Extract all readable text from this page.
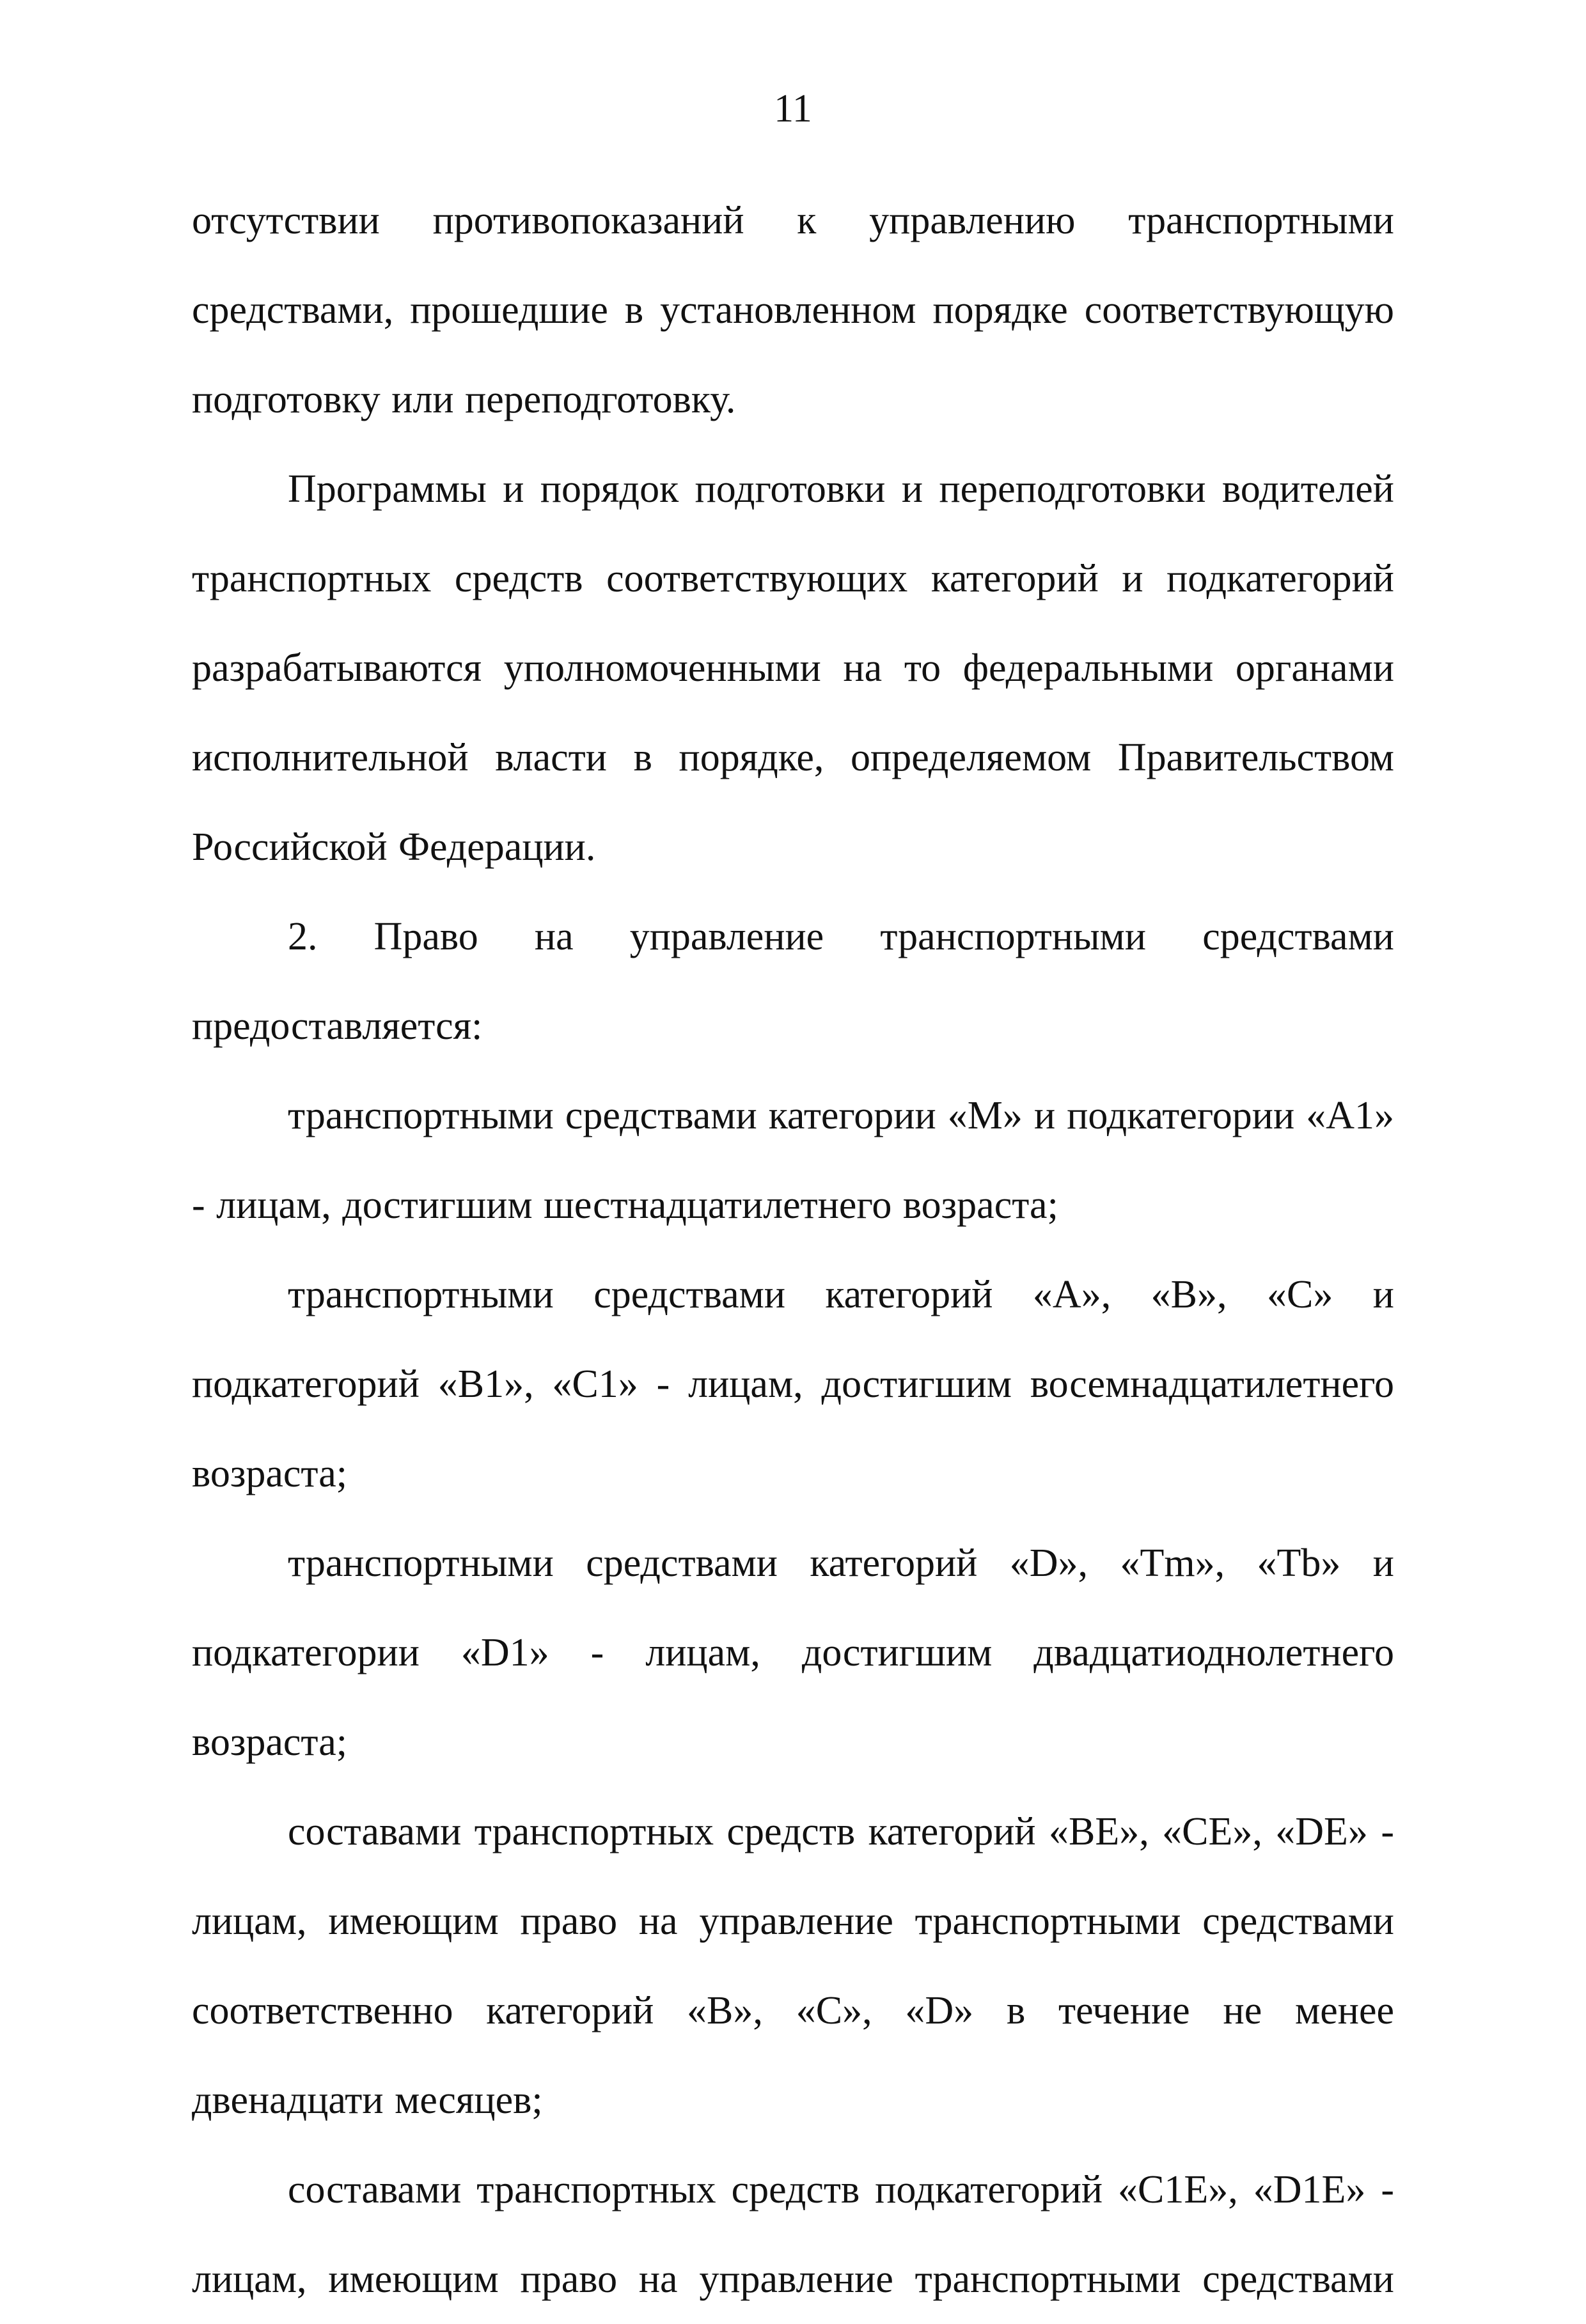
11

отсутствии противопоказаний к управлению транспортными средствами, прошедшие в установленном порядке соответствующую подготовку или переподготовку.

Программы и порядок подготовки и переподготовки водителей транспортных средств соответствующих категорий и подкатегорий разрабатываются уполномоченными на то федеральными органами исполнительной власти в порядке, определяемом Правительством Российской Федерации.

2. Право на управление транспортными средствами предоставляется:

транспортными средствами категории «M» и подкатегории «A1» - лицам, достигшим шестнадцатилетнего возраста;

транспортными средствами категорий «A», «B», «C» и подкатегорий «B1», «C1» - лицам, достигшим восемнадцатилетнего возраста;

транспортными средствами категорий «D», «Tm», «Tb» и подкатегории «D1» - лицам, достигшим двадцатиоднолетнего возраста;

составами транспортных средств категорий «BE», «CE», «DE» - лицам, имеющим право на управление транспортными средствами соответственно категорий «B», «C», «D» в течение не менее двенадцати месяцев;

составами транспортных средств подкатегорий «C1E», «D1E» - лицам, имеющим право на управление транспортными средствами
